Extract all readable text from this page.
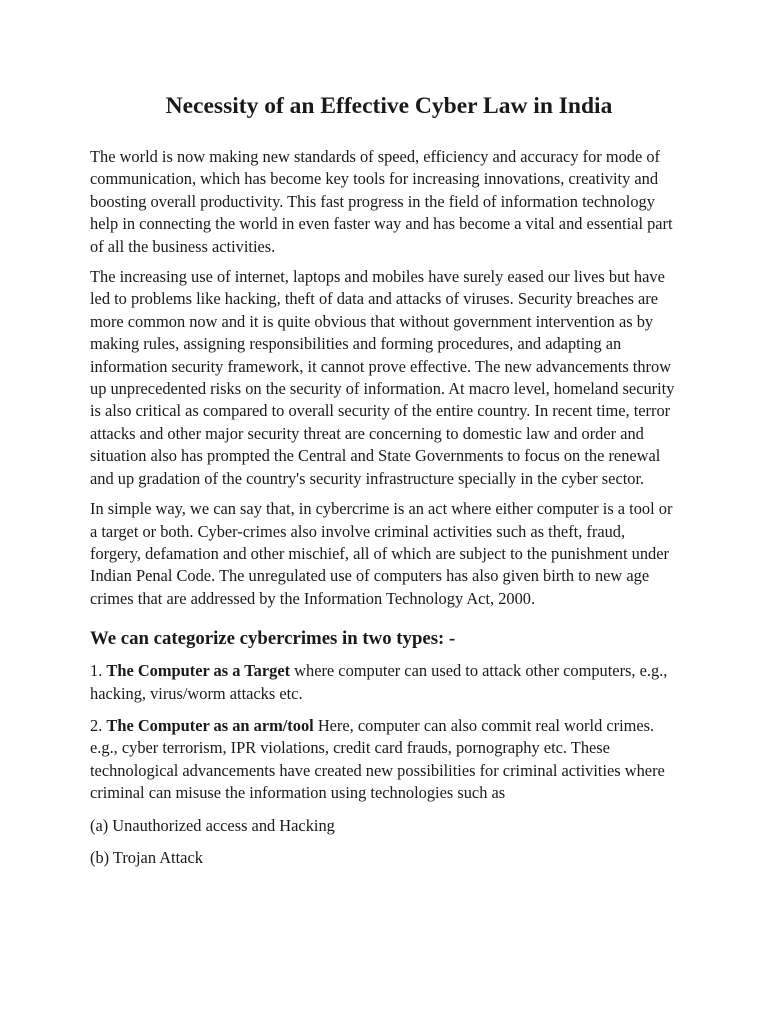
Necessity of an Effective Cyber Law in India

The world is now making new standards of speed, efficiency and accuracy for mode of communication, which has become key tools for increasing innovations, creativity and boosting overall productivity. This fast progress in the field of information technology help in connecting the world in even faster way and has become a vital and essential part of all the business activities.

The increasing use of internet, laptops and mobiles have surely eased our lives but have led to problems like hacking, theft of data and attacks of viruses. Security breaches are more common now and it is quite obvious that without government intervention as by making rules, assigning responsibilities and forming procedures, and adapting an information security framework, it cannot prove effective. The new advancements throw up unprecedented risks on the security of information. At macro level, homeland security is also critical as compared to overall security of the entire country. In recent time, terror attacks and other major security threat are concerning to domestic law and order and situation also has prompted the Central and State Governments to focus on the renewal and up gradation of the country's security infrastructure specially in the cyber sector.

In simple way, we can say that, in cybercrime is an act where either computer is a tool or a target or both. Cyber-crimes also involve criminal activities such as theft, fraud, forgery, defamation and other mischief, all of which are subject to the punishment under Indian Penal Code. The unregulated use of computers has also given birth to new age crimes that are addressed by the Information Technology Act, 2000.

We can categorize cybercrimes in two types: -

1. The Computer as a Target where computer can used to attack other computers, e.g., hacking, virus/worm attacks etc.

2. The Computer as an arm/tool Here, computer can also commit real world crimes. e.g., cyber terrorism, IPR violations, credit card frauds, pornography etc. These technological advancements have created new possibilities for criminal activities where criminal can misuse the information using technologies such as

(a) Unauthorized access and Hacking

(b) Trojan Attack
